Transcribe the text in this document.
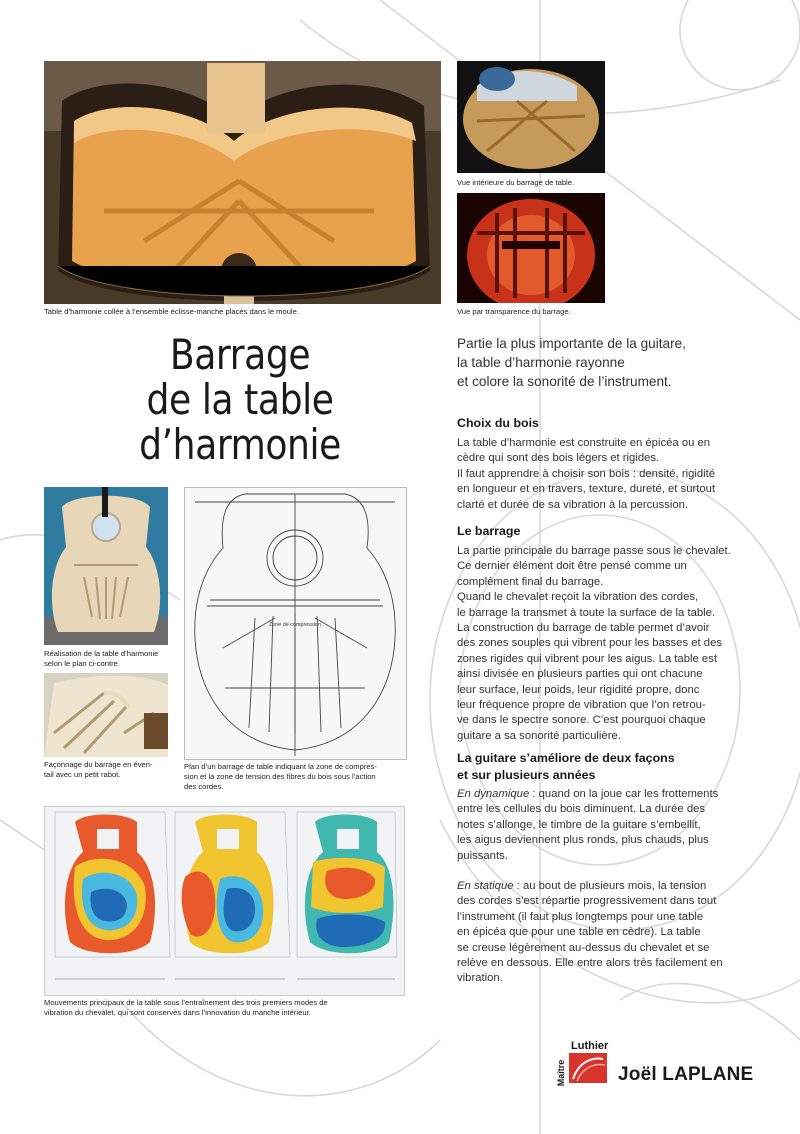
Table d’harmonie collée à l’ensemble éclisse-manche placés dans le moule.
Vue intérieure du barrage de table.
Vue par transparence du barrage.
Barrage
de la table
d’harmonie
Partie la plus importante de la guitare,
la table d’harmonie rayonne
et colore la sonorité de l’instrument.
Choix du bois
La table d’harmonie est construite en épicéa ou en
cèdre qui sont des bois légers et rigides.
Il faut apprendre à choisir son bois : densité, rigidité
en longueur et en travers, texture, dureté, et surtout
clarté et durée de sa vibration à la percussion.
Le barrage
La partie principale du barrage passe sous le chevalet.
Ce dernier élément doit être pensé comme un
complément final du barrage.
Quand le chevalet reçoit la vibration des cordes,
le barrage la transmet à toute la surface de la table.
La construction du barrage de table permet d’avoir
des zones souples qui vibrent pour les basses et des
zones rigides qui vibrent pour les aigus. La table est
ainsi divisée en plusieurs parties qui ont chacune
leur surface, leur poids, leur rigidité propre, donc
leur fréquence propre de vibration que l’on retrou-
ve dans le spectre sonore. C’est pourquoi chaque
guitare a sa sonorité particulière.
La guitare s’améliore de deux façons
et sur plusieurs années
En dynamique : quand on la joue car les frottements
entre les cellules du bois diminuent. La durée des
notes s’allonge, le timbre de la guitare s’embellit,
les aigus deviennent plus ronds, plus chauds, plus
puissants.
En statique : au bout de plusieurs mois, la tension
des cordes s’est répartie progressivement dans tout
l’instrument (il faut plus longtemps pour une table
en épicéa que pour une table en cèdre). La table
se creuse légèrement au-dessus du chevalet et se
relève en dessous. Elle entre alors très facilement en
vibration.
Réalisation de la table d’harmonie
selon le plan ci-contre.
Façonnage du barrage en éven-
tail avec un petit rabot.
Zone de compression
Plan d’un barrage de table indiquant la zone de compres-
sion et la zone de tension des fibres du bois sous l’action
des cordes.
Mouvements principaux de la table sous l’entraînement des trois premiers modes de
vibration du chevalet, qui sont conservés dans l’innovation du manche intérieur.
Luthier
Maître	Joël LAPLANE
